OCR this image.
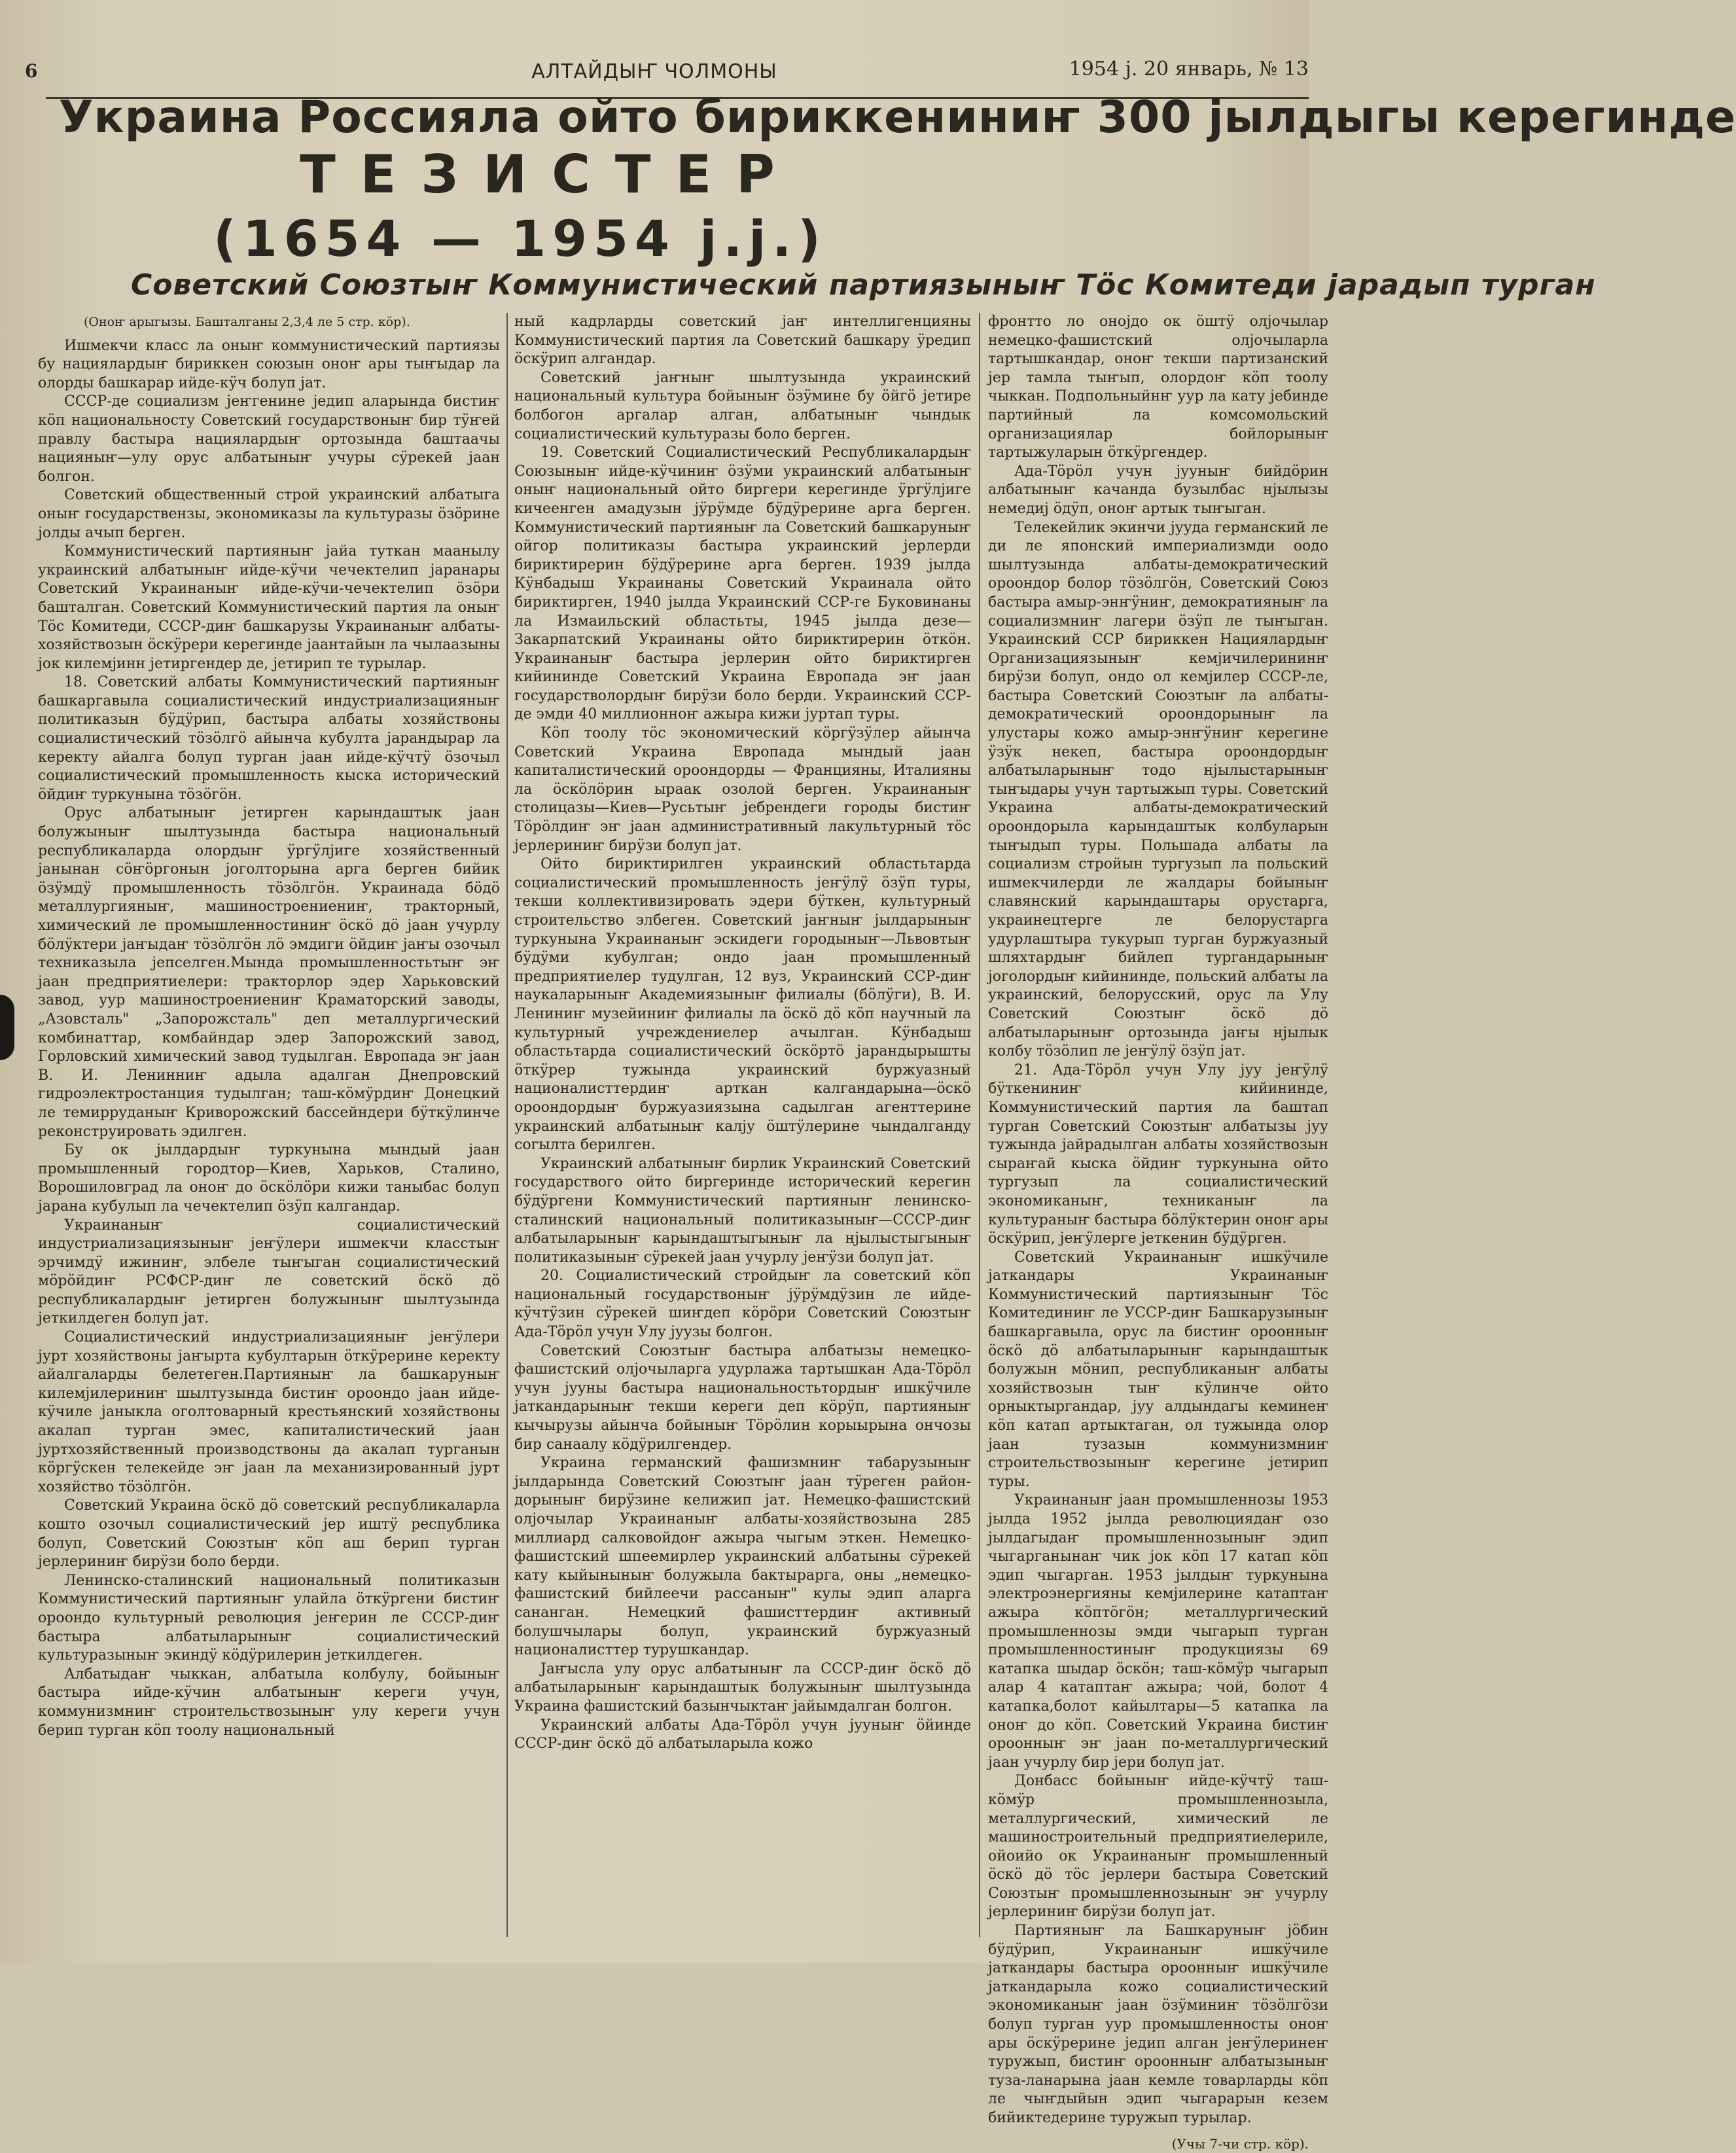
6	АЛТАЙДЫҤ ЧОЛМОНЫ	1954 j. 20 январь, № 13
Украина Россияла ойто бириккениниҥ 300 jылдыгы керегинде
ТЕЗИСТЕР
(1654 — 1954 j.j.)
Советский Союзтыҥ Коммунистический партиязыныҥ Тӧс Комитеди jарадып турган

(Оноҥ арыгызы. Башталганы 2,3,4 ле 5 стр. кӧр).

Ишмекчи класс ла оныҥ коммунистический партиязы бу нациялардыҥ бириккен союзын оноҥ ары тыҥыдар ла олорды башкарар ийде-кӱч болуп jат.

СССР-де социализм jеҥгенине jедип аларында бистиҥ кӧп национальносту Советский государствоныҥ бир тӱҥей правлу бастыра нациялардыҥ ортозында баштаачы нацияныҥ—улу орус албатыныҥ учуры сӱрекей jаан болгон.

Советский общественный строй украинский албатыга оныҥ государствензы, экономиказы ла культуразы ӧзӧрине jолды ачып берген.

Коммунистический партияныҥ jайа туткан маанылу украинский албатыныҥ ийде-кӱчи чечектелип jаранары Советский Украинаныҥ ийде-кӱчи-чечектелип ӧзӧри башталган. Советский Коммунистический партия ла оныҥ Тӧс Комитеди, СССР-диҥ башкарузы Украинаныҥ албаты-хозяйствозын ӧскӱрери керегинде jаантайын ла чылаазыны jок килемjинн jетиргендер де, jетирип те турылар.

18. Советский албаты Коммунистический партияныҥ башкаргавыла социалистический индустриализацияныҥ политиказын бӱдӱрип, бастыра албаты хозяйствоны социалистический тӧзӧлгӧ айынча кубулта jарандырар ла керекту айалга болуп турган jаан ийде-кӱчтӱ ӧзочыл социалистический промышленность кыска исторический ӧйдиҥ туркунына тӧзӧгӧн.

Орус албатыныҥ jетирген карындаштык jаан болужыныҥ шылтузында бастыра национальный республикаларда олордыҥ ӱргӱлjиге хозяйственный jанынан сӧҥӧргонын jоголторына арга берген бийик ӧзӱмдӱ промышленность тӧзӧлгӧн. Украинада бӧдӧ металлургияныҥ, машиностроениениҥ, тракторный, химический ле промышленностиниҥ ӧскӧ дӧ jаан учурлу бӧлӱктери jаҥыдаҥ тӧзӧлгӧн лӧ эмдиги ӧйдиҥ jаҥы озочыл техниказыла jепселген.Мында промышленностьтыҥ эҥ jаан предприятиелери: тракторлор эдер Харьковский завод, уур машиностроениениҥ Краматорский заводы, „Азовсталь" „Запорожсталь" деп металлургический комбинаттар, комбайндар эдер Запорожский завод, Горловский химический завод тудылган. Европада эҥ jаан В. И. Ленинниҥ адыла адалган Днепровский гидроэлектростанция тудылган; таш-кӧмӱрдиҥ Донецкий ле темирруданыҥ Криворожский бассейндери бӱткӱлинче реконструировать эдилген.

Бу ок jылдардыҥ туркунына мындый jаан промышленный городтор—Киев, Харьков, Сталино, Ворошиловград ла оноҥ до ӧскӧлӧри кижи таныбас болуп jарана кубулып ла чечектелип ӧзӱп калгандар.

Украинаныҥ социалистический индустриализациязыныҥ jеҥӱлери ишмекчи класстыҥ эрчимдӱ ижиниҥ, элбеле тыҥыган социалистический мӧрӧйдиҥ РСФСР-диҥ ле советский ӧскӧ дӧ республикалардыҥ jетирген болужыныҥ шылтузында jеткилдеген болуп jат.

Социалистический индустриализацияныҥ jеҥӱлери jурт хозяйствоны jаҥырта кубултарын ӧткӱрерине керекту айалгаларды белетеген.Партияныҥ ла башкаруныҥ килемjилериниҥ шылтузында бистиҥ ороондо jаан ийде-кӱчиле jаныкла оголтоварный крестьянский хозяйствоны акалап турган эмес, капиталистический jаан jуртхозяйственный производствоны да акалап турганын кӧргӱскен телекейде эҥ jаан ла механизированный jурт хозяйство тӧзӧлгӧн.

Советский Украина ӧскӧ дӧ советский республикаларла кошто озочыл социалистический jер иштӱ республика болуп, Советский Союзтыҥ кӧп аш берип турган jерлериниҥ бирӱзи боло берди.

Ленинско-сталинский национальный политиказын Коммунистический партияныҥ улайла ӧткӱргени бистиҥ ороондо культурный революция jеҥерин ле СССР-диҥ бастыра албатыларыныҥ социалистический культуразыныҥ экиндӱ кӧдӱрилерин jеткилдеген.

Албатыдаҥ чыккан, албатыла колбулу, бойыныҥ бастыра ийде-кӱчин албатыныҥ кереги учун, коммунизмниҥ строительствозыныҥ улу кереги учун берип турган кӧп тоолу национальный

ный кадрларды советский jаҥ интеллигенцияны Коммунистический партия ла Советский башкару ӱредип ӧскӱрип алгандар.

Советский jаҥныҥ шылтузында украинский национальный культура бойыныҥ ӧзӱмине бу ӧйгӧ jетире болбогон аргалар алган, албатыныҥ чындык социалистический культуразы боло берген.

19. Советский Социалистический Республикалардыҥ Союзыныҥ ийде-кӱчиниҥ ӧзӱми украинский албатыныҥ оныҥ национальный ойто биргери керегинде ӱргӱлjиге кичеенген амадузын jӱрӱмде бӱдӱрерине арга берген. Коммунистический партияныҥ ла Советский башкаруныҥ ойгор политиказы бастыра украинский jерлерди бириктирерин бӱдӱрерине арга берген. 1939 jылда Кӱнбадыш Украинаны Советский Украинала ойто бириктирген, 1940 jылда Украинский ССР-ге Буковинаны ла Измаильский областьты, 1945 jылда дезе—Закарпатский Украинаны ойто бириктирерин ӧткӧн. Украинаныҥ бастыра jерлерин ойто бириктирген кийининде Советский Украина Европада эҥ jаан государстволордыҥ бирӱзи боло берди. Украинский ССР-де эмди 40 миллионноҥ ажыра кижи jуртап туры.

Кӧп тоолу тӧс экономический кӧргӱзӱлер айынча Советский Украина Европада мындый jаан капиталистический ороондорды — Францияны, Италияны ла ӧскӧлӧрин ыраак озолой берген. Украинаныҥ столицазы—Киев—Русьтыҥ jебрендеги городы бистиҥ Тӧрӧлдиҥ эҥ jаан административный лакультурный тӧс jерлериниҥ бирӱзи болуп jат.

Ойто бириктирилген украинский областьтарда социалистический промышленность jеҥӱлӱ ӧзӱп туры, текши коллективизировать эдери бӱткен, культурный строительство элбеген. Советский jаҥныҥ jылдарыныҥ туркунына Украинаныҥ эскидеги городыныҥ—Львовтыҥ бӱдӱми кубулган; ондо jаан промышленный предприятиелер тудулган, 12 вуз, Украинский ССР-диҥ наукаларыныҥ Академиязыныҥ филиалы (бӧлӱги), В. И. Лениниҥ музейиниҥ филиалы ла ӧскӧ дӧ кӧп научный ла культурный учреждениелер ачылган. Кӱнбадыш областьтарда социалистический ӧскӧртӧ jарандырышты ӧткӱрер тужында украинский буржуазный националисттердиҥ арткан калгандарына—ӧскӧ ороондордыҥ буржуазиязына садылган агенттерине украинский албатыныҥ калjу ӧштӱлерине чындалганду согылта берилген.

Украинский албатыныҥ бирлик Украинский Советский государствого ойто биргеринде исторический керегин бӱдӱргени Коммунистический партияныҥ ленинско-сталинский национальный политиказыныҥ—СССР-диҥ албатыларыныҥ карындаштыгыныҥ ла нjылыстыгыныҥ политиказыныҥ сӱрекей jаан учурлу jеҥӱзи болуп jат.

20. Социалистический стройдыҥ ла советский кӧп национальный государствоныҥ jӱрӱмдӱзин ле ийде-кӱчтӱзин сӱрекей шиҥдеп кӧрӧри Советский Союзтыҥ Ада-Тӧрӧл учун Улу jуузы болгон.

Советский Союзтыҥ бастыра албатызы немецко-фашистский олjочыларга удурлажа тартышкан Ада-Тӧрӧл учун jууны бастыра национальностьтордыҥ ишкӱчиле jаткандарыныҥ текши кереги деп кӧрӱп, партияныҥ кычырузы айынча бойыныҥ Тӧрӧлин корыырына ончозы бир санаалу кӧдӱрилгендер.

Украина германский фашизмниҥ табарузыныҥ jылдарында Советский Союзтыҥ jаан тӱреген район-дорыныҥ бирӱзине келижип jат. Немецко-фашистский олjочылар Украинаныҥ албаты-хозяйствозына 285 миллиард салковойдоҥ ажыра чыгым эткен. Немецко-фашистский шпеемирлер украинский албатыны сӱрекей кату кыйыныныҥ болужыла бактыраргa, оны „немецко-фашистский бийлеечи рассаныҥ" кулы эдип аларга сананган. Немецкий фашисттердиҥ активный болушчылары болуп, украинский буржуазный националисттер турушкандар.

Jаҥысла улу орус албатыныҥ ла СССР-диҥ ӧскӧ дӧ албатыларыныҥ карындаштык болужыныҥ шылтузында Украина фашистский базынчыктаҥ jайымдалган болгон.

Украинский албаты Ада-Тӧрӧл учун jууныҥ ӧйинде СССР-диҥ ӧскӧ дӧ албатыларыла кожо

фронтто ло оноjдо ок ӧштӱ олjочылар немецко-фашистский олjочыларла тартышкандар, оноҥ текши партизанский jер тамла тыҥып, олордоҥ кӧп тоолу чыккан. Подпольныйнҥ уур ла кату jебинде партийный ла комсомольский организациялар бойлорыныҥ тартыжуларын ӧткӱргендер.

Ада-Тӧрӧл учун jууныҥ бийдӧрин албатыныҥ качанда бузылбас нjылызы немедиj ӧдӱп, оноҥ артык тыҥыган.

Телекейлик экинчи jууда германский ле ди ле японский империализмди оодо шылтузында албаты-демократический ороондор болор тӧзӧлгӧн, Советский Союз бастыра амыр-энҥӱниҥ, демократияныҥ ла социализмниҥ лагери ӧзӱп ле тыҥыган. Украинский ССР бириккен Нациялардыҥ Организациязыныҥ кемjичилерининҥ бирӱзи болуп, ондо ол кемjилер СССР-ле, бастыра Советский Союзтыҥ ла албаты-демократический ороондорыныҥ ла улустары кожо амыр-энҥӱниҥ керегине ӱзӱк некеп, бастыра ороондордыҥ албатыларыныҥ тодо нjылыстарыныҥ тыҥыдары учун тартыжып туры. Советский Украина албаты-демократический ороондорыла карындаштык колбуларын тыҥыдып туры. Польшада албаты ла социализм стройын тургузып ла польский ишмекчилерди ле жалдары бойыныҥ славянский карындаштары орустарга, украинецтерге ле белорустарга удурлаштыра тукурып турган буржуазный шляхтардыҥ бийлеп тургандарыныҥ jоголордыҥ кийининде, польский албаты ла украинский, белорусский, орус ла Улу Советский Союзтыҥ ӧскӧ дӧ албатыларыныҥ ортозында jаҥы нjылык колбу тӧзӧлип ле jеҥӱлӱ ӧзӱп jат.

21. Ада-Тӧрӧл учун Улу jуу jеҥӱлӱ бӱткениниҥ кийининде, Коммунистический партия ла баштап турган Советский Союзтыҥ албатызы jуу тужында jайрадылган албаты хозяйствозын сыраҥай кыска ӧйдиҥ туркунына ойто тургузып ла социалистический экономиканыҥ, техниканыҥ ла культураныҥ бастыра бӧлӱктерин оноҥ ары ӧскӱрип, jеҥӱлерге jеткенин бӱдӱрген.

Советский Украинаныҥ ишкӱчиле jаткандары Украинаныҥ Коммунистический партиязыныҥ Тӧс Комитединиҥ ле УССР-диҥ Башкарузыныҥ башкаргавыла, орус ла бистиҥ ороонныҥ ӧскӧ дӧ албатыларыныҥ карындаштык болужын мӧнип, республиканыҥ албаты хозяйствозын тыҥ кӱлинче ойто орныктыргандар, jуу алдындагы кеминеҥ кӧп катап артыктаган, ол тужында олор jаан тузазын коммунизмниҥ строительствозыныҥ керегине jетирип туры.

Украинаныҥ jаан промышленнозы 1953 jылда 1952 jылда революциядаҥ озо jылдагыдаҥ промышленнозыныҥ эдип чыгарганынаҥ чик jок кӧп 17 катап кӧп эдип чыгарган. 1953 jылдыҥ туркунына электроэнергияны кемjилерине катаптаҥ ажыра кӧптӧгӧн; металлургический промышленнозы эмди чыгарып турган промышленностиныҥ продукциязы 69 катапка шыдар ӧскӧн; таш-кӧмӱр чыгарып алар 4 катаптаҥ ажыра; чой, болот 4 катапка,болот кайылтары—5 катапка ла оноҥ до кӧп. Советский Украина бистиҥ ороонныҥ эҥ jаан по-металлургический jаан учурлу бир jери болуп jат.

Донбасс бойыныҥ ийде-кӱчтӱ таш-кӧмӱр промышленнозыла, металлургический, химический ле машиностроительный предприятиелериле, ойоийо ок Украинаныҥ промышленный ӧскӧ дӧ тӧс jерлери бастыра Советский Союзтыҥ промышленнозыныҥ эҥ учурлу jерлериниҥ бирӱзи болуп jат.

Партияныҥ ла Башкаруныҥ jӧбин бӱдӱрип, Украинаныҥ ишкӱчиле jаткандары бастыра ороонныҥ ишкӱчиле jаткандарыла кожо социалистический экономиканыҥ jаан ӧзӱминиҥ тӧзӧлгӧзи болуп турган уур промышленносты оноҥ ары ӧскӱрерине jедип алган jеҥӱлеринеҥ туружып, бистиҥ ороонныҥ албатызыныҥ туза-ланарына jаан кемле товарларды кӧп ле чыҥдыйын эдип чыгарарын кезем бийиктедерине туружып турылар.

(Учы 7-чи стр. кӧр).
